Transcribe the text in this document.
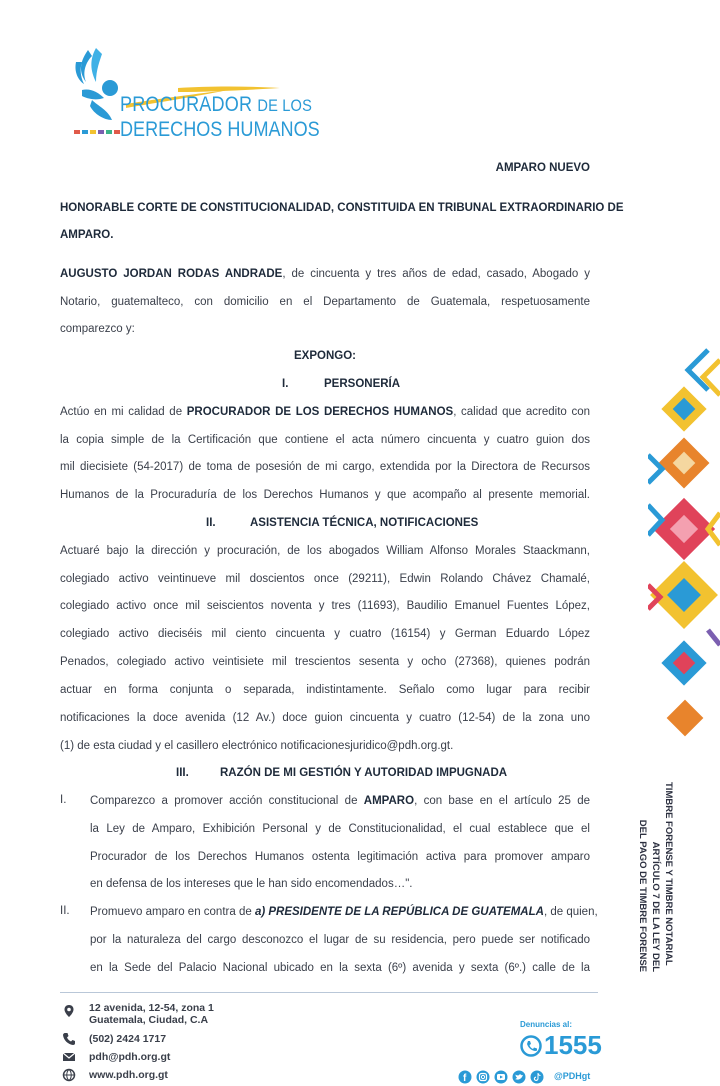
PROCURADOR DE LOS
DERECHOS HUMANOS
AMPARO NUEVO
HONORABLE CORTE DE CONSTITUCIONALIDAD, CONSTITUIDA EN TRIBUNAL EXTRAORDINARIO DE
AMPARO.
AUGUSTO JORDAN RODAS ANDRADE, de cincuenta y tres años de edad, casado, Abogado y
Notario, guatemalteco, con domicilio en el Departamento de Guatemala, respetuosamente
comparezco y:
EXPONGO:
I.	PERSONERÍA
Actúo en mi calidad de PROCURADOR DE LOS DERECHOS HUMANOS, calidad que acredito con
la copia simple de la Certificación que contiene el acta número cincuenta y cuatro guion dos
mil diecisiete (54-2017) de toma de posesión de mi cargo, extendida por la Directora de Recursos
Humanos de la Procuraduría de los Derechos Humanos y que acompaño al presente memorial.
II.	ASISTENCIA TÉCNICA, NOTIFICACIONES
Actuaré bajo la dirección y procuración, de los abogados William Alfonso Morales Staackmann,
colegiado activo veintinueve mil doscientos once (29211), Edwin Rolando Chávez Chamalé,
colegiado activo once mil seiscientos noventa y tres (11693), Baudilio Emanuel Fuentes López,
colegiado activo dieciséis mil ciento cincuenta y cuatro (16154) y German Eduardo López
Penados, colegiado activo veintisiete mil trescientos sesenta y ocho (27368), quienes podrán
actuar en forma conjunta o separada, indistintamente. Señalo como lugar para recibir
notificaciones la doce avenida (12 Av.) doce guion cincuenta y cuatro (12-54) de la zona uno
(1) de esta ciudad y el casillero electrónico notificacionesjuridico@pdh.org.gt.
III.	RAZÓN DE MI GESTIÓN Y AUTORIDAD IMPUGNADA
I. Comparezco a promover acción constitucional de AMPARO, con base en el artículo 25 de
la Ley de Amparo, Exhibición Personal y de Constitucionalidad, el cual establece que el
Procurador de los Derechos Humanos ostenta legitimación activa para promover amparo
en defensa de los intereses que le han sido encomendados…".
II. Promuevo amparo en contra de a) PRESIDENTE DE LA REPÚBLICA DE GUATEMALA, de quien,
por la naturaleza del cargo desconozco el lugar de su residencia, pero puede ser notificado
en la Sede del Palacio Nacional ubicado en la sexta (6º) avenida y sexta (6º.) calle de la
TIMBRE FORENSE Y TIMBRE NOTARIAL
ARTÍCULO 7 DE LA LEY DEL
DEL PAGO DE TIMBRE FORENSE
12 avenida, 12-54, zona 1
Guatemala, Ciudad, C.A
(502) 2424 1717
pdh@pdh.org.gt
www.pdh.org.gt
Denuncias al:
1555
f	@PDHgt
